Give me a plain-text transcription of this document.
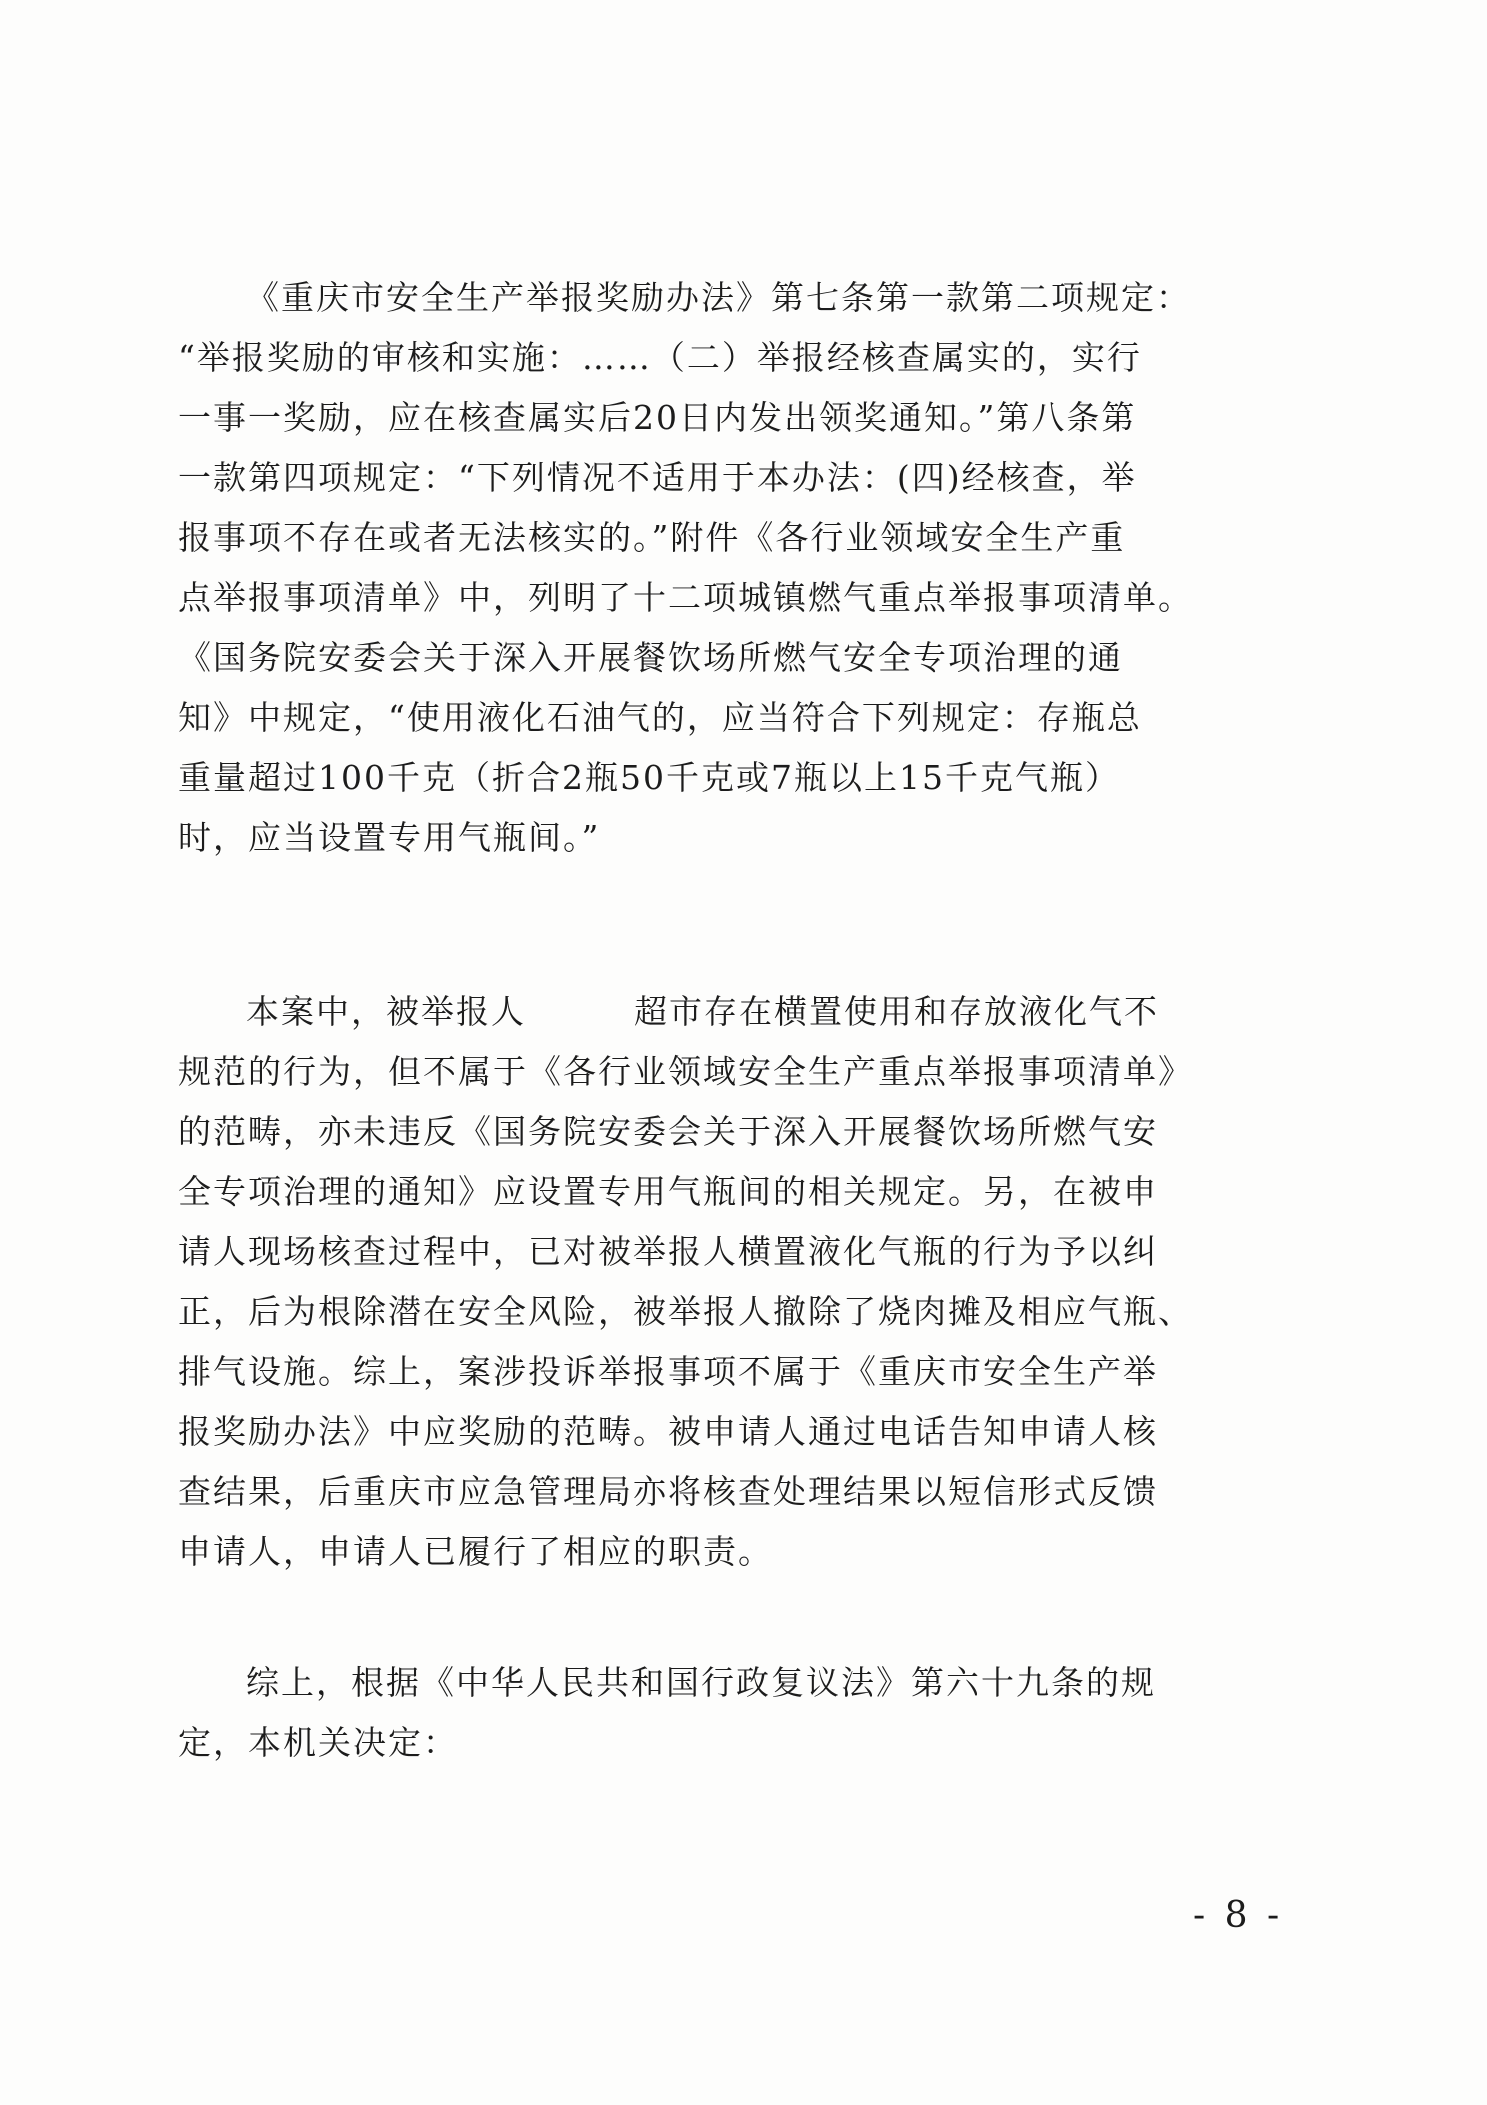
《重庆市安全生产举报奖励办法》第七条第一款第二项规定：
“举报奖励的审核和实施：……（二）举报经核查属实的，实行
一事一奖励，应在核查属实后20日内发出领奖通知。”第八条第
一款第四项规定：“下列情况不适用于本办法：(四)经核查，举
报事项不存在或者无法核实的。”附件《各行业领域安全生产重
点举报事项清单》中，列明了十二项城镇燃气重点举报事项清单。
《国务院安委会关于深入开展餐饮场所燃气安全专项治理的通
知》中规定，“使用液化石油气的，应当符合下列规定：存瓶总
重量超过100千克（折合2瓶50千克或7瓶以上15千克气瓶）
时，应当设置专用气瓶间。”
本案中，被举报人	超市存在横置使用和存放液化气不
规范的行为，但不属于《各行业领域安全生产重点举报事项清单》
的范畴，亦未违反《国务院安委会关于深入开展餐饮场所燃气安
全专项治理的通知》应设置专用气瓶间的相关规定。另，在被申
请人现场核查过程中，已对被举报人横置液化气瓶的行为予以纠
正，后为根除潜在安全风险，被举报人撤除了烧肉摊及相应气瓶、
排气设施。综上，案涉投诉举报事项不属于《重庆市安全生产举
报奖励办法》中应奖励的范畴。被申请人通过电话告知申请人核
查结果，后重庆市应急管理局亦将核查处理结果以短信形式反馈
申请人，申请人已履行了相应的职责。
综上，根据《中华人民共和国行政复议法》第六十九条的规
定，本机关决定：
- 8 -
